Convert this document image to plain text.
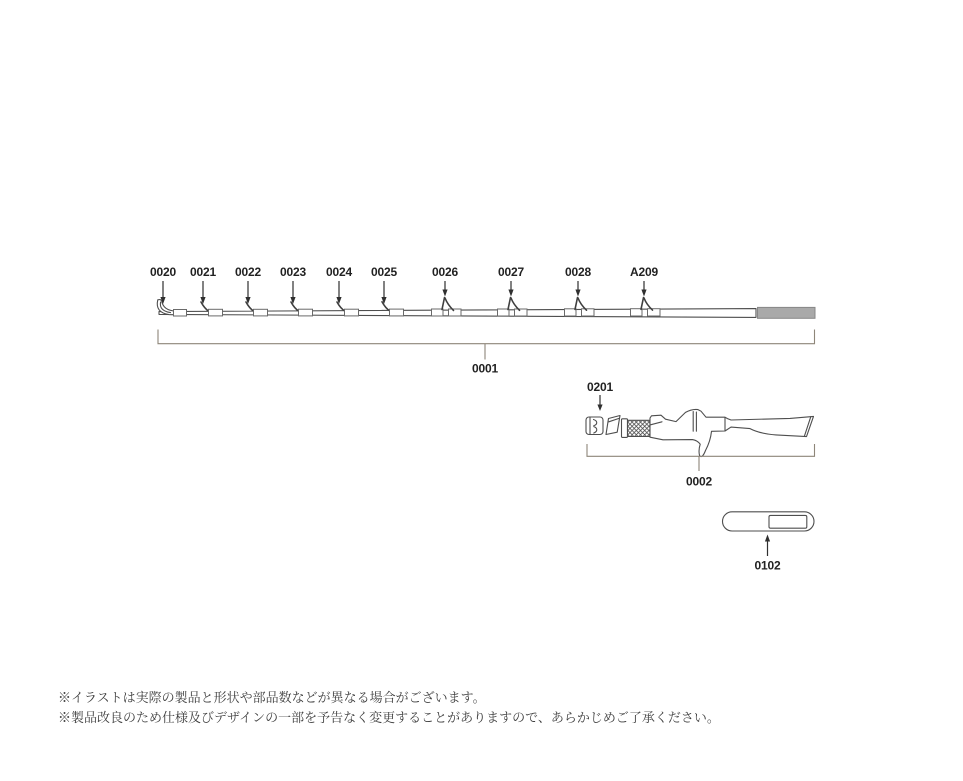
0020 0021 0022 0023 0024 0025	0026	0027	0028	A209
0001
0201
0002
0102
※イラストは実際の製品と形状や部品数などが異なる場合がございます。
※製品改良のため仕様及びデザインの一部を予告なく変更することがありますので、あらかじめご了承ください。
